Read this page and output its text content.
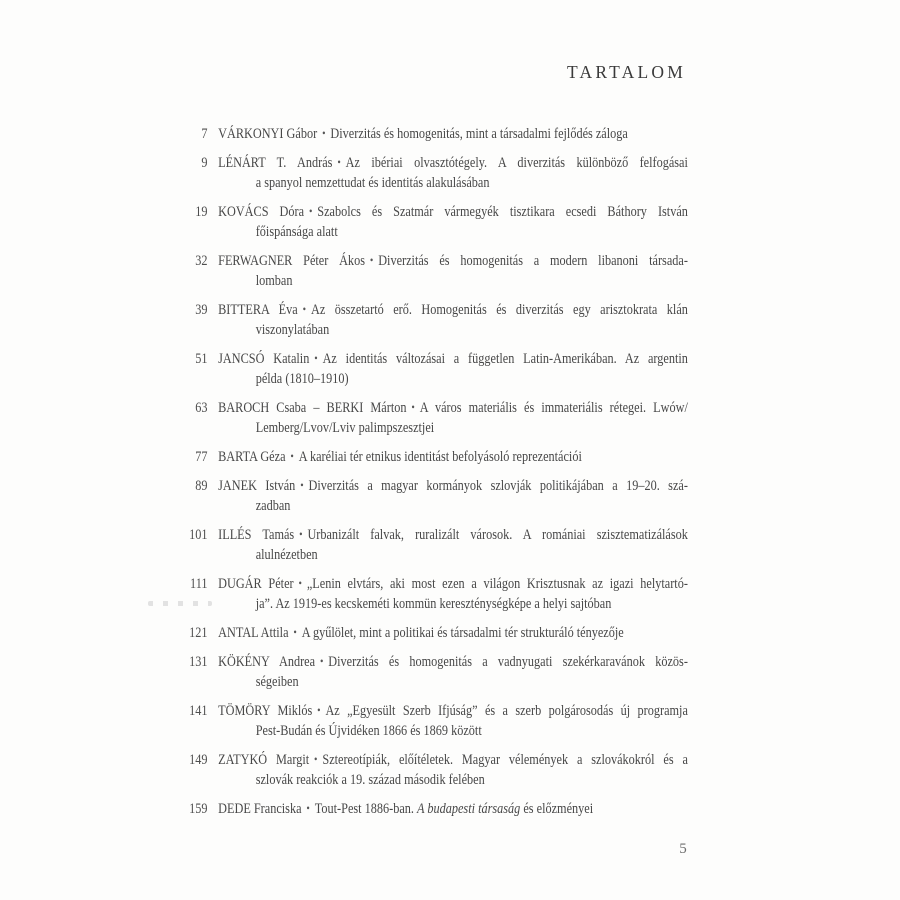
TARTALOM
7 VÁRKONYI Gábor • Diverzitás és homogenitás, mint a társadalmi fejlődés záloga
9 LÉNÁRT T. András • Az ibériai olvasztótégely. A diverzitás különböző felfogásai
a spanyol nemzettudat és identitás alakulásában
19 KOVÁCS Dóra • Szabolcs és Szatmár vármegyék tisztikara ecsedi Báthory István
főispánsága alatt
32 FERWAGNER Péter Ákos • Diverzitás és homogenitás a modern libanoni társada-
lomban
39 BITTERA Éva • Az összetartó erő. Homogenitás és diverzitás egy arisztokrata klán
viszonylatában
51 JANCSÓ Katalin • Az identitás változásai a független Latin-Amerikában. Az argentin
példa (1810–1910)
63 BAROCH Csaba – BERKI Márton • A város materiális és immateriális rétegei. Lwów/
Lemberg/Lvov/Lviv palimpszesztjei
77 BARTA Géza • A karéliai tér etnikus identitást befolyásoló reprezentációi
89 JANEK István • Diverzitás a magyar kormányok szlovják politikájában a 19–20. szá-
zadban
101 ILLÉS Tamás • Urbanizált falvak, ruralizált városok. A romániai szisztematizálások
alulnézetben
111 DUGÁR Péter • „Lenin elvtárs, aki most ezen a világon Krisztusnak az igazi helytartó-
ja”. Az 1919-es kecskeméti kommün kereszténységképe a helyi sajtóban
121 ANTAL Attila • A gyűlölet, mint a politikai és társadalmi tér strukturáló tényezője
131 KÖKÉNY Andrea • Diverzitás és homogenitás a vadnyugati szekérkaravánok közös-
ségeiben
141 TÖMÖRY Miklós • Az „Egyesült Szerb Ifjúság” és a szerb polgárosodás új programja
Pest-Budán és Újvidéken 1866 és 1869 között
149 ZATYKÓ Margit • Sztereotípiák, előítéletek. Magyar vélemények a szlovákokról és a
szlovák reakciók a 19. század második felében
159 DEDE Franciska • Tout-Pest 1886-ban. A budapesti társaság és előzményei
5
